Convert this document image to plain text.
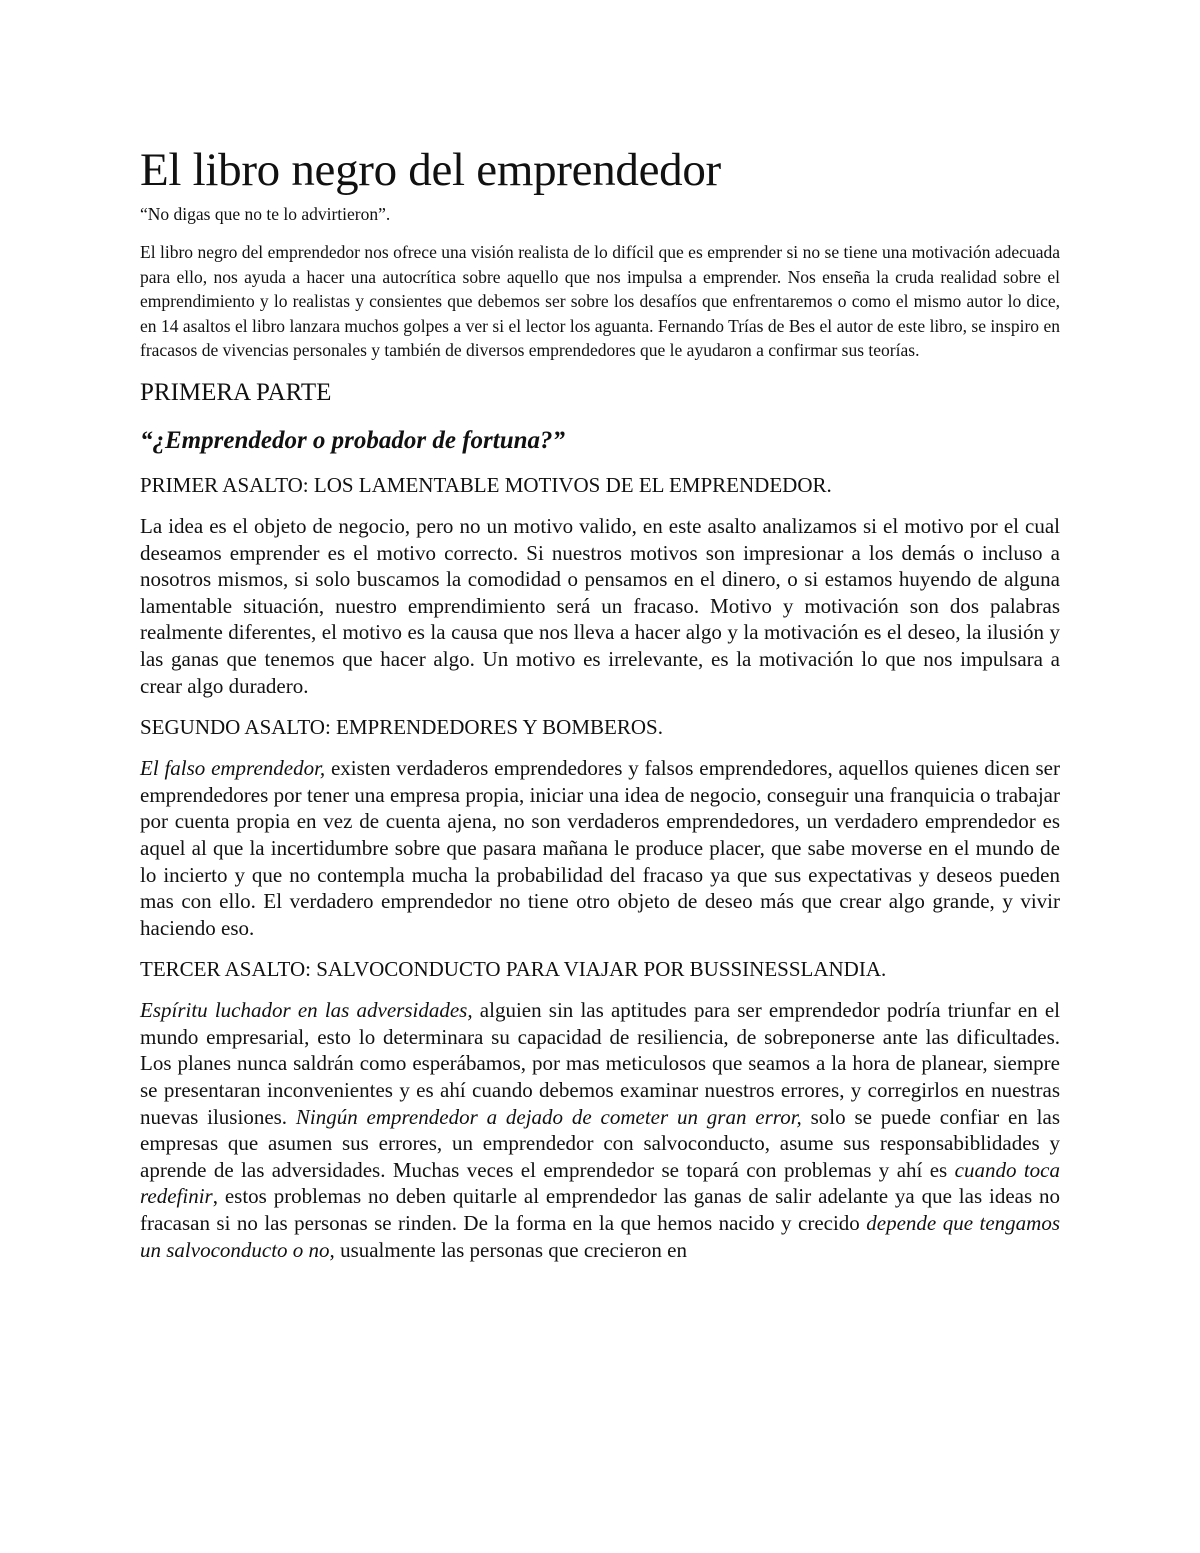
El libro negro del emprendedor

“No digas que no te lo advirtieron”.

El libro negro del emprendedor nos ofrece una visión realista de lo difícil que es emprender si no se tiene una motivación adecuada para ello, nos ayuda a hacer una autocrítica sobre aquello que nos impulsa a emprender. Nos enseña la cruda realidad sobre el emprendimiento y lo realistas y consientes que debemos ser sobre los desafíos que enfrentaremos o como el mismo autor lo dice, en 14 asaltos el libro lanzara muchos golpes a ver si el lector los aguanta. Fernando Trías de Bes el autor de este libro, se inspiro en fracasos de vivencias personales y también de diversos emprendedores que le ayudaron a confirmar sus teorías.

PRIMERA PARTE
“¿Emprendedor o probador de fortuna?”

PRIMER ASALTO: LOS LAMENTABLE MOTIVOS DE EL EMPRENDEDOR.

La idea es el objeto de negocio, pero no un motivo valido, en este asalto analizamos si el motivo por el cual deseamos emprender es el motivo correcto. Si nuestros motivos son impresionar a los demás o incluso a nosotros mismos, si solo buscamos la comodidad o pensamos en el dinero, o si estamos huyendo de alguna lamentable situación, nuestro emprendimiento será un fracaso. Motivo y motivación son dos palabras realmente diferentes, el motivo es la causa que nos lleva a hacer algo y la motivación es el deseo, la ilusión y las ganas que tenemos que hacer algo. Un motivo es irrelevante, es la motivación lo que nos impulsara a crear algo duradero.

SEGUNDO ASALTO: EMPRENDEDORES Y BOMBEROS.

El falso emprendedor, existen verdaderos emprendedores y falsos emprendedores, aquellos quienes dicen ser emprendedores por tener una empresa propia, iniciar una idea de negocio, conseguir una franquicia o trabajar por cuenta propia en vez de cuenta ajena, no son verdaderos emprendedores, un verdadero emprendedor es aquel al que la incertidumbre sobre que pasara mañana le produce placer, que sabe moverse en el mundo de lo incierto y que no contempla mucha la probabilidad del fracaso ya que sus expectativas y deseos pueden mas con ello. El verdadero emprendedor no tiene otro objeto de deseo más que crear algo grande, y vivir haciendo eso.

TERCER ASALTO: SALVOCONDUCTO PARA VIAJAR POR BUSSINESSLANDIA.

Espíritu luchador en las adversidades, alguien sin las aptitudes para ser emprendedor podría triunfar en el mundo empresarial, esto lo determinara su capacidad de resiliencia, de sobreponerse ante las dificultades. Los planes nunca saldrán como esperábamos, por mas meticulosos que seamos a la hora de planear, siempre se presentaran inconvenientes y es ahí cuando debemos examinar nuestros errores, y corregirlos en nuestras nuevas ilusiones. Ningún emprendedor a dejado de cometer un gran error, solo se puede confiar en las empresas que asumen sus errores, un emprendedor con salvoconducto, asume sus responsabiblidades y aprende de las adversidades. Muchas veces el emprendedor se topará con problemas y ahí es cuando toca redefinir, estos problemas no deben quitarle al emprendedor las ganas de salir adelante ya que las ideas no fracasan si no las personas se rinden. De la forma en la que hemos nacido y crecido depende que tengamos un salvoconducto o no, usualmente las personas que crecieron en
